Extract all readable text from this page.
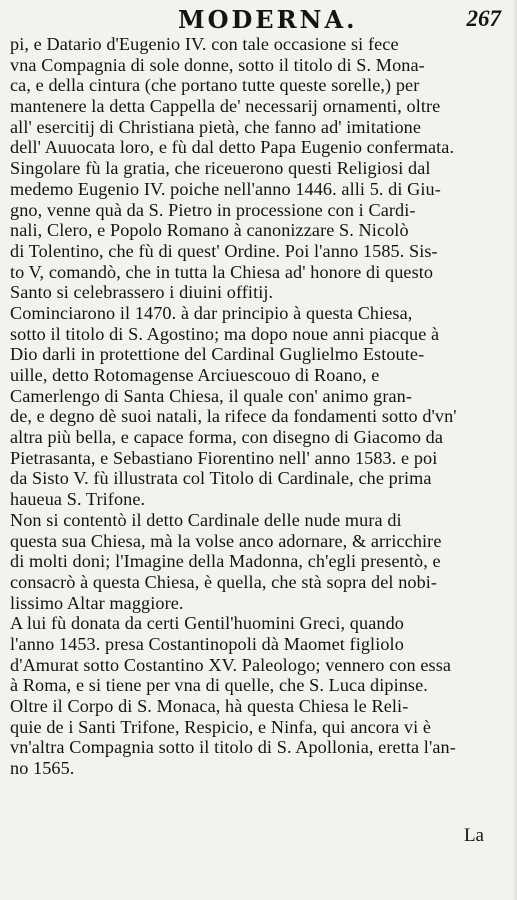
MODERNA.	267
pi, e Datario d'Eugenio IV. con tale occasione si fece
vna Compagnia di sole donne, sotto il titolo di S. Mona-
ca, e della cintura (che portano tutte queste sorelle,) per
mantenere la detta Cappella de' necessarij ornamenti, oltre
all' esercitij di Christiana pietà, che fanno ad' imitatione
dell' Auuocata loro, e fù dal detto Papa Eugenio confermata.
Singolare fù la gratia, che riceuerono questi Religiosi dal
medemo Eugenio IV. poiche nell'anno 1446. alli 5. di Giu-
gno, venne quà da S. Pietro in processione con i Cardi-
nali, Clero, e Popolo Romano à canonizzare S. Nicolò
di Tolentino, che fù di quest' Ordine. Poi l'anno 1585. Sis-
to V, comandò, che in tutta la Chiesa ad' honore di questo
Santo si celebrassero i diuini offitij.
Cominciarono il 1470. à dar principio à questa Chiesa,
sotto il titolo di S. Agostino; ma dopo noue anni piacque à
Dio darli in protettione del Cardinal Guglielmo Estoute-
uille, detto Rotomagense Arciuescouo di Roano, e
Camerlengo di Santa Chiesa, il quale con' animo gran-
de, e degno dè suoi natali, la rifece da fondamenti sotto d'vn'
altra più bella, e capace forma, con disegno di Giacomo da
Pietrasanta, e Sebastiano Fiorentino nell' anno 1583. e poi
da Sisto V. fù illustrata col Titolo di Cardinale, che prima
haueua S. Trifone.
Non si contentò il detto Cardinale delle nude mura di
questa sua Chiesa, mà la volse anco adornare, & arricchire
di molti doni; l'Imagine della Madonna, ch'egli presentò, e
consacrò à questa Chiesa, è quella, che stà sopra del nobi-
lissimo Altar maggiore.
A lui fù donata da certi Gentil'huomini Greci, quando
l'anno 1453. presa Costantinopoli dà Maomet figliolo
d'Amurat sotto Costantino XV. Paleologo; vennero con essa
à Roma, e si tiene per vna di quelle, che S. Luca dipinse.
Oltre il Corpo di S. Monaca, hà questa Chiesa le Reli-
quie de i Santi Trifone, Respicio, e Ninfa, qui ancora vi è
vn'altra Compagnia sotto il titolo di S. Apollonia, eretta l'an-
no 1565.
La
